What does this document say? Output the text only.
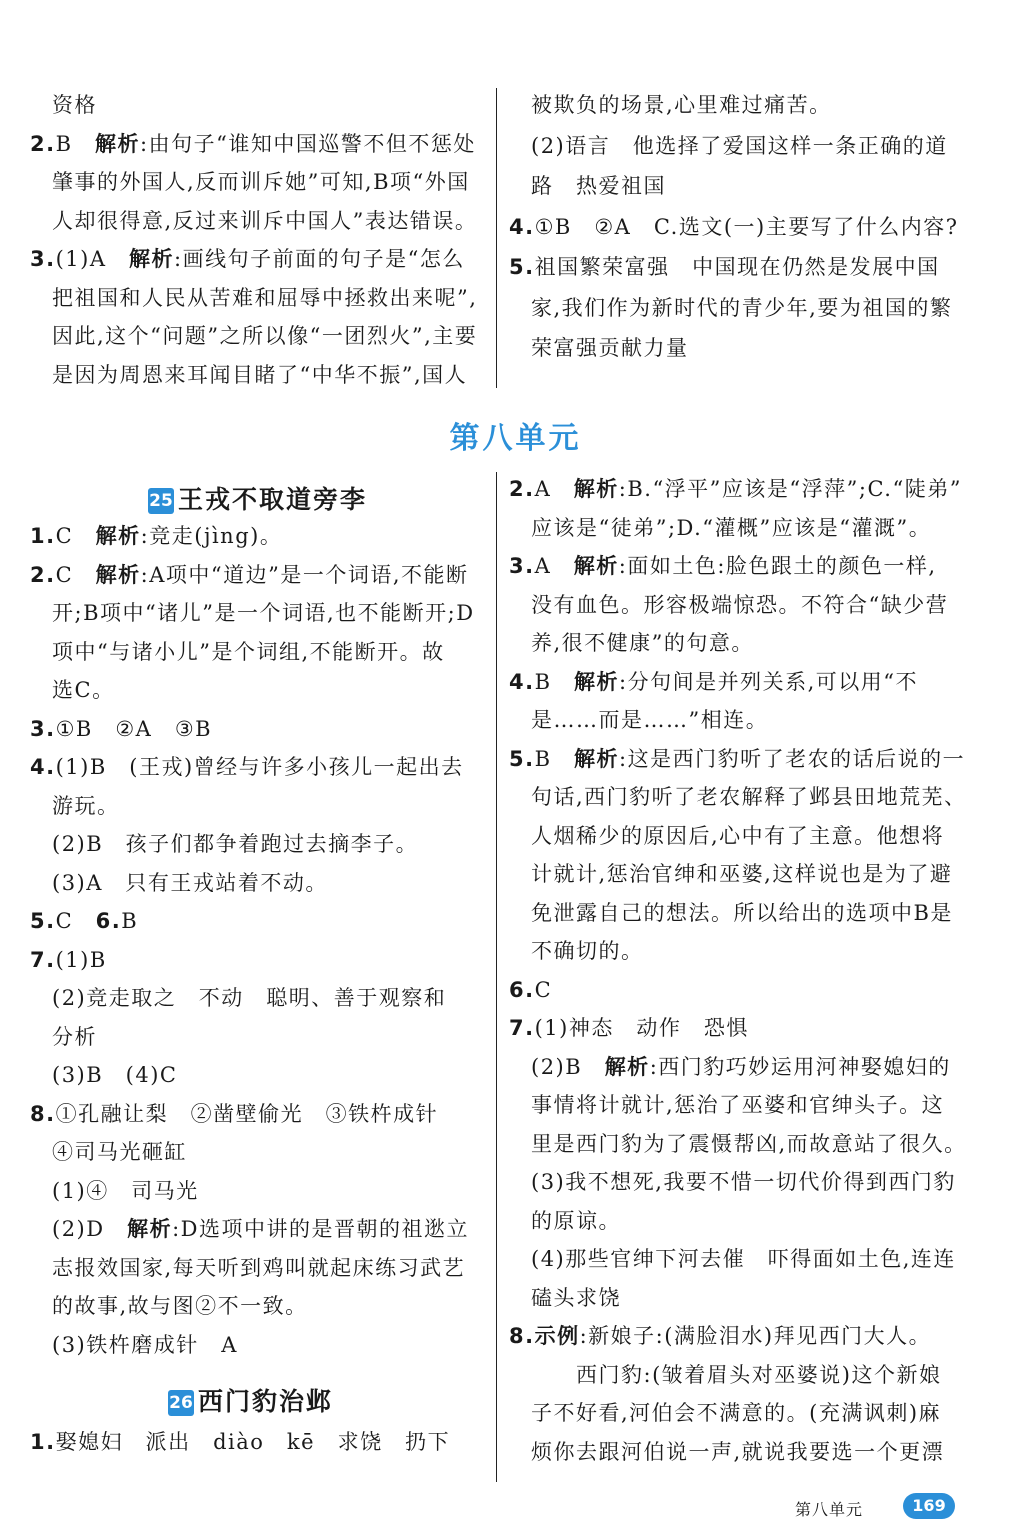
第八单元
25 王戎不取道旁李
26 西门豹治邺
第八单元	169
资格
2.B　 解析:由句子“谁知中国巡警不但不惩处
肇事的外国人,反而训斥她”可知,B项“外国
人却很得意,反过来训斥中国人”表达错误。
3.(1)A　 解析:画线句子前面的句子是“怎么
把祖国和人民从苦难和屈辱中拯救出来呢”,
因此,这个“问题”之所以像“一团烈火”,主要
是因为周恩来耳闻目睹了“中华不振”,国人
被欺负的场景,心里难过痛苦。
(2)语言　他选择了爱国这样一条正确的道
路　热爱祖国
4.①B　②A　C.选文(一)主要写了什么内容?
5.祖国繁荣富强　中国现在仍然是发展中国
家,我们作为新时代的青少年,要为祖国的繁
荣富强贡献力量
1.C　 解析:竞走(jìng)。
2.C　 解析:A项中“道边”是一个词语,不能断
开;B项中“诸儿”是一个词语,也不能断开;D
项中“与诸小儿”是个词组,不能断开。故
选C。
3.①B　②A　③B
4.(1)B　(王戎)曾经与许多小孩儿一起出去
游玩。
(2)B　孩子们都争着跑过去摘李子。
(3)A　只有王戎站着不动。
5.C　6.B
7.(1)B
(2)竞走取之　不动　聪明、善于观察和
分析
(3)B　(4)C
8.①孔融让梨　②凿壁偷光　③铁杵成针
④司马光砸缸
(1)④　司马光
(2)D　 解析:D选项中讲的是晋朝的祖逖立
志报效国家,每天听到鸡叫就起床练习武艺
的故事,故与图②不一致。
(3)铁杵磨成针　A
1.娶媳妇　派出　diào　kē　求饶　扔下
2.A　 解析:B.“浮平”应该是“浮萍”;C.“陡弟”
应该是“徒弟”;D.“灌概”应该是“灌溉”。
3.A　 解析:面如土色:脸色跟土的颜色一样,
没有血色。形容极端惊恐。不符合“缺少营
养,很不健康”的句意。
4.B　 解析:分句间是并列关系,可以用“不
是……而是……”相连。
5.B　 解析:这是西门豹听了老农的话后说的一
句话,西门豹听了老农解释了邺县田地荒芜、
人烟稀少的原因后,心中有了主意。他想将
计就计,惩治官绅和巫婆,这样说也是为了避
免泄露自己的想法。所以给出的选项中B是
不确切的。
6.C
7.(1)神态　动作　恐惧
(2)B　 解析:西门豹巧妙运用河神娶媳妇的
事情将计就计,惩治了巫婆和官绅头子。这
里是西门豹为了震慑帮凶,而故意站了很久。
(3)我不想死,我要不惜一切代价得到西门豹
的原谅。
(4)那些官绅下河去催　吓得面如土色,连连
磕头求饶
8.示例:新娘子:(满脸泪水)拜见西门大人。
　　西门豹:(皱着眉头对巫婆说)这个新娘
子不好看,河伯会不满意的。(充满讽刺)麻
烦你去跟河伯说一声,就说我要选一个更漂
